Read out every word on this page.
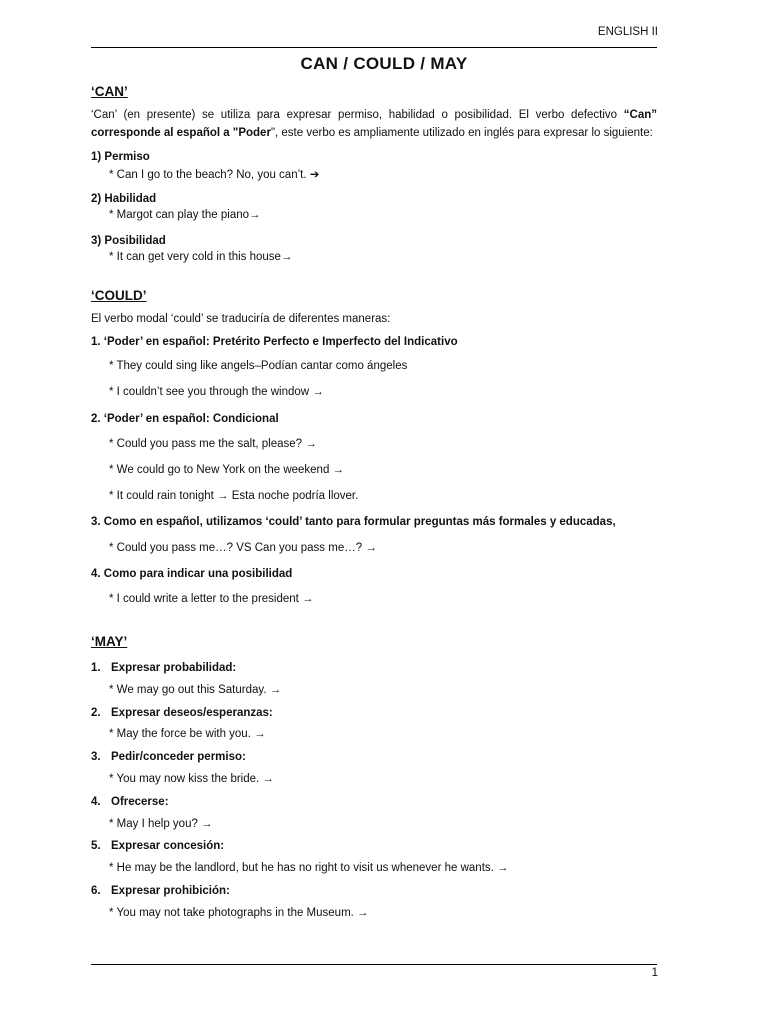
ENGLISH II
CAN / COULD / MAY
‘CAN’
‘Can’ (en presente) se utiliza para expresar permiso, habilidad o posibilidad. El verbo defectivo “Can” corresponde al español a "Poder", este verbo es ampliamente utilizado en inglés para expresar lo siguiente:
1) Permiso
* Can I go to the beach? No, you can’t. ➔
2) Habilidad
* Margot can play the piano→
3) Posibilidad
* It can get very cold in this house→
‘COULD’
El verbo modal ‘could’ se traduciría de diferentes maneras:
1. ‘Poder’ en español: Pretérito Perfecto e Imperfecto del Indicativo
* They could sing like angels–Podían cantar como ángeles
* I couldn’t see you through the window →
2. ‘Poder’ en español: Condicional
* Could you pass me the salt, please? →
* We could go to New York on the weekend →
* It could rain tonight → Esta noche podría llover.
3. Como en español, utilizamos ‘could’ tanto para formular preguntas más formales y educadas,
* Could you pass me…? VS Can you pass me…? →
4. Como para indicar una posibilidad
* I could write a letter to the president →
‘MAY’
1. Expresar probabilidad:
* We may go out this Saturday. →
2. Expresar deseos/esperanzas:
* May the force be with you. →
3. Pedir/conceder permiso:
* You may now kiss the bride. →
4. Ofrecerse:
* May I help you? →
5. Expresar concesión:
* He may be the landlord, but he has no right to visit us whenever he wants. →
6. Expresar prohibición:
* You may not take photographs in the Museum. →
1
